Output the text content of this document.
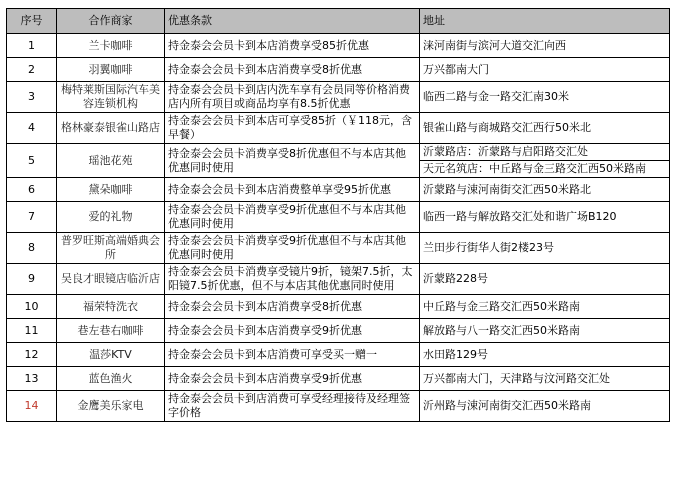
序号	合作商家	优惠条款	地址
1	兰卡咖啡	持金泰会会员卡到本店消费享受85折优惠	涞河南街与滨河大道交汇向西
2	羽翼咖啡	持金泰会会员卡到本店消费享受8折优惠	万兴都南大门
3	梅特莱斯国际汽车美容连锁机构	持金泰会会员卡到店内洗车享有会员同等价格消费店内所有项目或商品均享有8.5折优惠	临西二路与金一路交汇南30米
4	格林豪泰银雀山路店	持金泰会会员卡到本店可享受85折（￥118元，含早餐）	银雀山路与商城路交汇西行50米北
5	瑶池花苑	持金泰会会员卡消费享受8折优惠但不与本店其他优惠同时使用	沂蒙路店：沂蒙路与启阳路交汇处
			天元名筑店：中丘路与金三路交汇西50米路南
6	黛朵咖啡	持金泰会会员卡到本店消费整单享受95折优惠	沂蒙路与涑河南街交汇西50米路北
7	爱的礼物	持金泰会会员卡消费享受9折优惠但不与本店其他优惠同时使用	临西一路与解放路交汇处和谐广场B120
8	普罗旺斯高端婚典会所	持金泰会会员卡消费享受9折优惠但不与本店其他优惠同时使用	兰田步行街华人街2楼23号
9	吴良才眼镜店临沂店	持金泰会会员卡消费享受镜片9折，镜架7.5折，太阳镜7.5折优惠，但不与本店其他优惠同时使用	沂蒙路228号
10	福荣特洗衣	持金泰会会员卡到本店消费享受8折优惠	中丘路与金三路交汇西50米路南
11	巷左巷右咖啡	持金泰会会员卡到本店消费享受9折优惠	解放路与八一路交汇西50米路南
12	温莎KTV	持金泰会会员卡到本店消费可享受买一赠一	水田路129号
13	蓝色渔火	持金泰会会员卡到本店消费享受9折优惠	万兴都南大门，天津路与汶河路交汇处
14	金鹰美乐家电	持金泰会会员卡到店消费可享受经理接待及经理签字价格	沂州路与涑河南街交汇西50米路南
